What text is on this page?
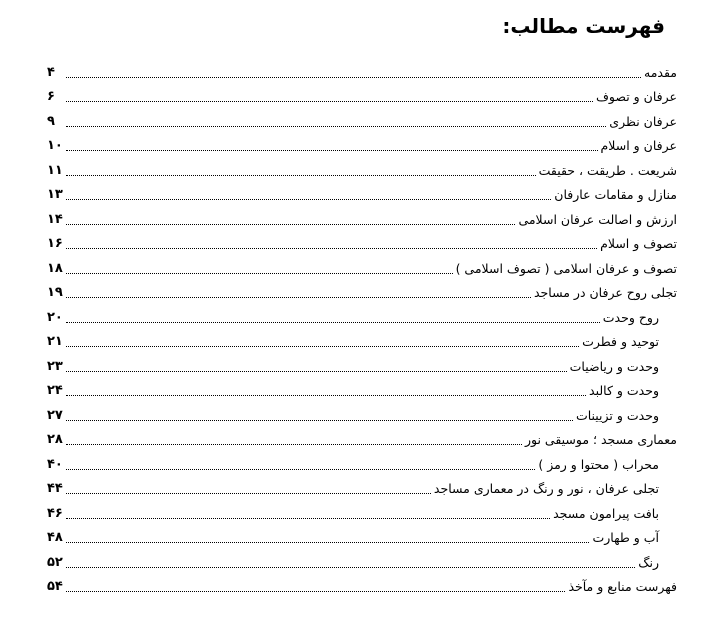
فهرست مطالب:
مقدمه
۴
عرفان و تصوف
۶
عرفان نظری
۹
عرفان و اسلام
۱۰
شریعت . طریقت ، حقیقت
۱۱
منازل و مقامات عارفان
۱۳
ارزش و اصالت عرفان اسلامی
۱۴
تصوف و اسلام
۱۶
تصوف و عرفان اسلامی ( تصوف اسلامی )
۱۸
تجلی روح عرفان در مساجد
۱۹
روح وحدت
۲۰
توحید و فطرت
۲۱
وحدت و ریاضیات
۲۳
وحدت و کالبد
۲۴
وحدت و تزیینات
۲۷
معماری مسجد ؛ موسیقی نور
۲۸
محراب ( محتوا و رمز )
۴۰
تجلی عرفان ، نور و رنگ در معماری مساجد
۴۴
بافت پیرامون مسجد
۴۶
آب و طهارت
۴۸
رنگ
۵۲
فهرست منابع و مآخذ
۵۴
